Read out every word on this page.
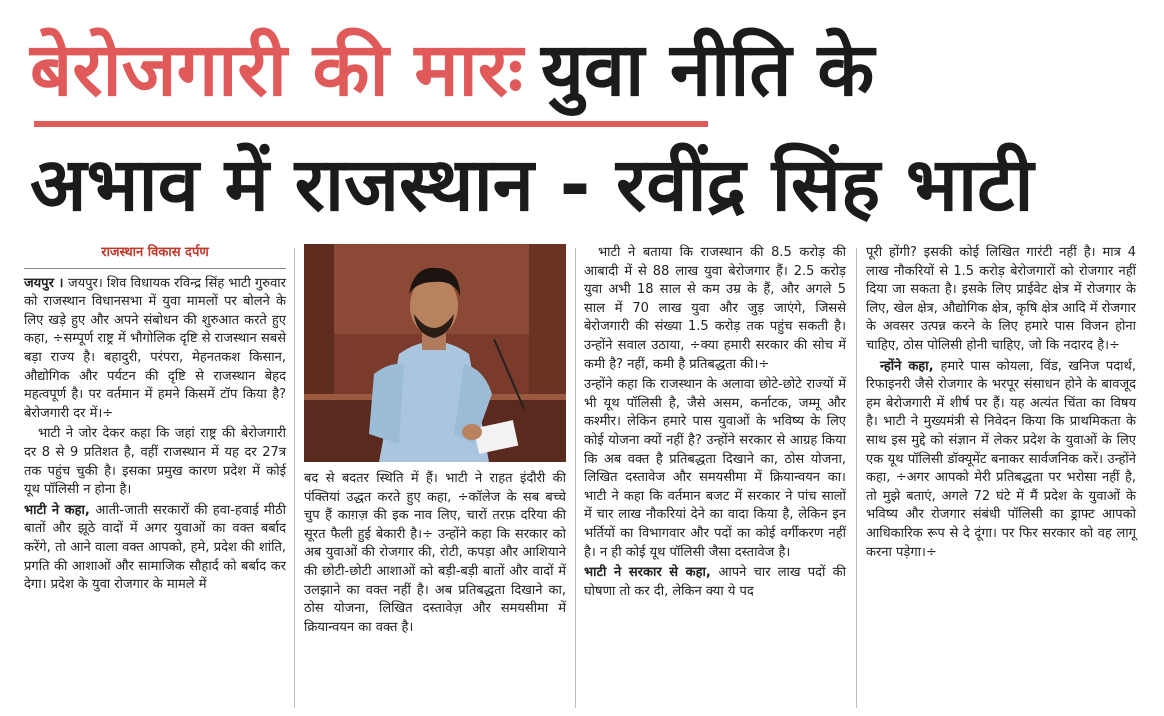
बेरोजगारी की मारः युवा नीति के
अभाव में राजस्थान - रवींद्र सिंह भाटी
राजस्थान विकास दर्पण

जयपुर । जयपुर। शिव विधायक रविन्द्र सिंह भाटी गुरुवार को राजस्थान विधानसभा में युवा मामलों पर बोलने के लिए खड़े हुए और अपने संबोधन की शुरुआत करते हुए कहा, ÷सम्पूर्ण राष्ट्र में भौगोलिक दृष्टि से राजस्थान सबसे बड़ा राज्य है। बहादुरी, परंपरा, मेहनतकश किसान, औद्योगिक और पर्यटन की दृष्टि से राजस्थान बेहद महत्वपूर्ण है। पर वर्तमान में हमने किसमें टॉप किया है? बेरोजगारी दर में।÷

भाटी ने जोर देकर कहा कि जहां राष्ट्र की बेरोजगारी दर 8 से 9 प्रतिशत है, वहीं राजस्थान में यह दर 27त्र तक पहुंच चुकी है। इसका प्रमुख कारण प्रदेश में कोई यूथ पॉलिसी न होना है।

भाटी ने कहा, आती-जाती सरकारों की हवा-हवाई मीठी बातों और झूठे वादों में अगर युवाओं का वक्त बर्बाद करेंगे, तो आने वाला वक्त आपको, हमे, प्रदेश की शांति, प्रगति की आशाओं और सामाजिक सौहार्द को बर्बाद कर देगा। प्रदेश के युवा रोजगार के मामले में

बद से बदतर स्थिति में हैं। भाटी ने राहत इंदौरी की पंक्तियां उद्धत करते हुए कहा, ÷कॉलेज के सब बच्चे चुप हैं काग़ज़ की इक नाव लिए, चारों तरफ़ दरिया की सूरत फैली हुई बेकारी है।÷ उन्होंने कहा कि सरकार को अब युवाओं की रोजगार की, रोटी, कपड़ा और आशियाने की छोटी-छोटी आशाओं को बड़ी-बड़ी बातों और वादों में उलझाने का वक्त नहीं है। अब प्रतिबद्धता दिखाने का, ठोस योजना, लिखित दस्तावेज़ और समयसीमा में क्रियान्वयन का वक्त है।

भाटी ने बताया कि राजस्थान की 8.5 करोड़ की आबादी में से 88 लाख युवा बेरोजगार हैं। 2.5 करोड़ युवा अभी 18 साल से कम उम्र के हैं, और अगले 5 साल में 70 लाख युवा और जुड़ जाएंगे, जिससे बेरोजगारी की संख्या 1.5 करोड़ तक पहुंच सकती है। उन्होंने सवाल उठाया, ÷क्या हमारी सरकार की सोच में कमी है? नहीं, कमी है प्रतिबद्धता की।÷

उन्होंने कहा कि राजस्थान के अलावा छोटे-छोटे राज्यों में भी यूथ पॉलिसी है, जैसे असम, कर्नाटक, जम्मू और कश्मीर। लेकिन हमारे पास युवाओं के भविष्य के लिए कोई योजना क्यों नहीं है? उन्होंने सरकार से आग्रह किया कि अब वक्त है प्रतिबद्धता दिखाने का, ठोस योजना, लिखित दस्तावेज और समयसीमा में क्रियान्वयन का। भाटी ने कहा कि वर्तमान बजट में सरकार ने पांच सालों में चार लाख नौकरियां देने का वादा किया है, लेकिन इन भर्तियों का विभागवार और पदों का कोई वर्गीकरण नहीं है। न ही कोई यूथ पॉलिसी जैसा दस्तावेज है।

भाटी ने सरकार से कहा, आपने चार लाख पदों की घोषणा तो कर दी, लेकिन क्या ये पद

पूरी होंगी? इसकी कोई लिखित गारंटी नहीं है। मात्र 4 लाख नौकरियों से 1.5 करोड़ बेरोजगारों को रोजगार नहीं दिया जा सकता है। इसके लिए प्राईवेट क्षेत्र में रोजगार के लिए, खेल क्षेत्र, औद्योगिक क्षेत्र, कृषि क्षेत्र आदि में रोजगार के अवसर उत्पन्न करने के लिए हमारे पास विजन होना चाहिए, ठोस पोलिसी होनी चाहिए, जो कि नदारद है।÷

न्होंने कहा, हमारे पास कोयला, विंड, खनिज पदार्थ, रिफाइनरी जैसे रोजगार के भरपूर संसाधन होने के बावजूद हम बेरोजगारी में शीर्ष पर हैं। यह अत्यंत चिंता का विषय है। भाटी ने मुख्यमंत्री से निवेदन किया कि प्राथमिकता के साथ इस मुद्दे को संज्ञान में लेकर प्रदेश के युवाओं के लिए एक यूथ पॉलिसी डॉक्यूमेंट बनाकर सार्वजनिक करें। उन्होंने कहा, ÷अगर आपको मेरी प्रतिबद्धता पर भरोसा नहीं है, तो मुझे बताएं, अगले 72 घंटे में मैं प्रदेश के युवाओं के भविष्य और रोजगार संबंधी पॉलिसी का ड्राफ्ट आपको आधिकारिक रूप से दे दूंगा। पर फिर सरकार को वह लागू करना पड़ेगा।÷
